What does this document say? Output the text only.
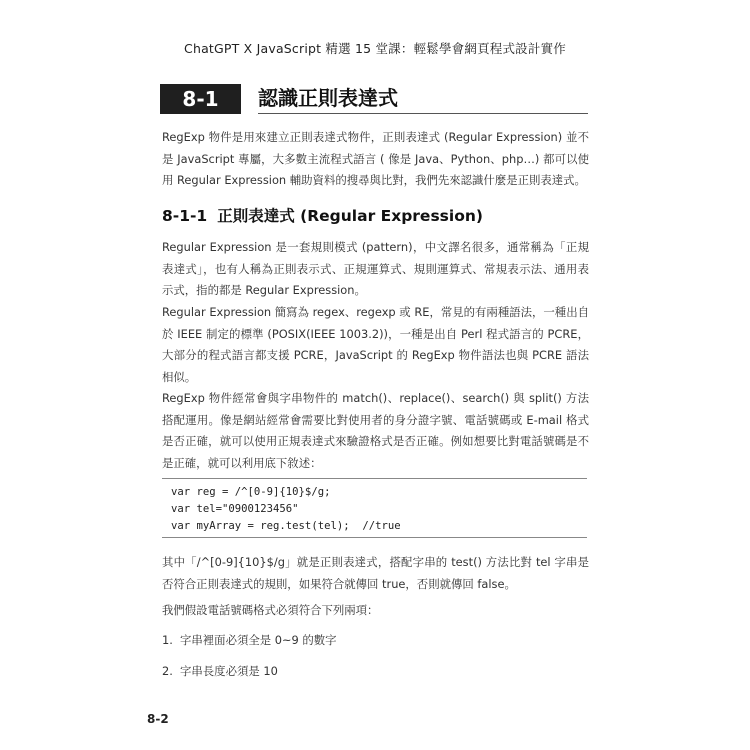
ChatGPT X JavaScript 精選 15 堂課：輕鬆學會網頁程式設計實作
8-1	認識正則表達式
RegExp 物件是用來建立正則表達式物件，正則表達式 (Regular Expression) 並不是 JavaScript 專屬，大多數主流程式語言 ( 像是 Java、Python、php…) 都可以使用 Regular Expression 輔助資料的搜尋與比對，我們先來認識什麼是正則表達式。
8-1-1 正則表達式 (Regular Expression)
Regular Expression 是一套規則模式 (pattern)，中文譯名很多，通常稱為「正規表達式」，也有人稱為正則表示式、正規運算式、規則運算式、常規表示法、通用表示式，指的都是 Regular Expression。
Regular Expression 簡寫為 regex、regexp 或 RE，常見的有兩種語法，一種出自於 IEEE 制定的標準 (POSIX(IEEE 1003.2))，一種是出自 Perl 程式語言的 PCRE，大部分的程式語言都支援 PCRE，JavaScript 的 RegExp 物件語法也與 PCRE 語法相似。
RegExp 物件經常會與字串物件的 match()、replace()、search() 與 split() 方法搭配運用。像是網站經常會需要比對使用者的身分證字號、電話號碼或 E-mail 格式是否正確，就可以使用正規表達式來驗證格式是否正確。例如想要比對電話號碼是不是正確，就可以利用底下敘述：
var reg = /^[0-9]{10}$/g;
var tel="0900123456"
var myArray = reg.test(tel);  //true
其中「/^[0-9]{10}$/g」就是正則表達式，搭配字串的 test() 方法比對 tel 字串是否符合正則表達式的規則，如果符合就傳回 true，否則就傳回 false。
我們假設電話號碼格式必須符合下列兩項：
1. 字串裡面必須全是 0~9 的數字
2. 字串長度必須是 10
8-2
